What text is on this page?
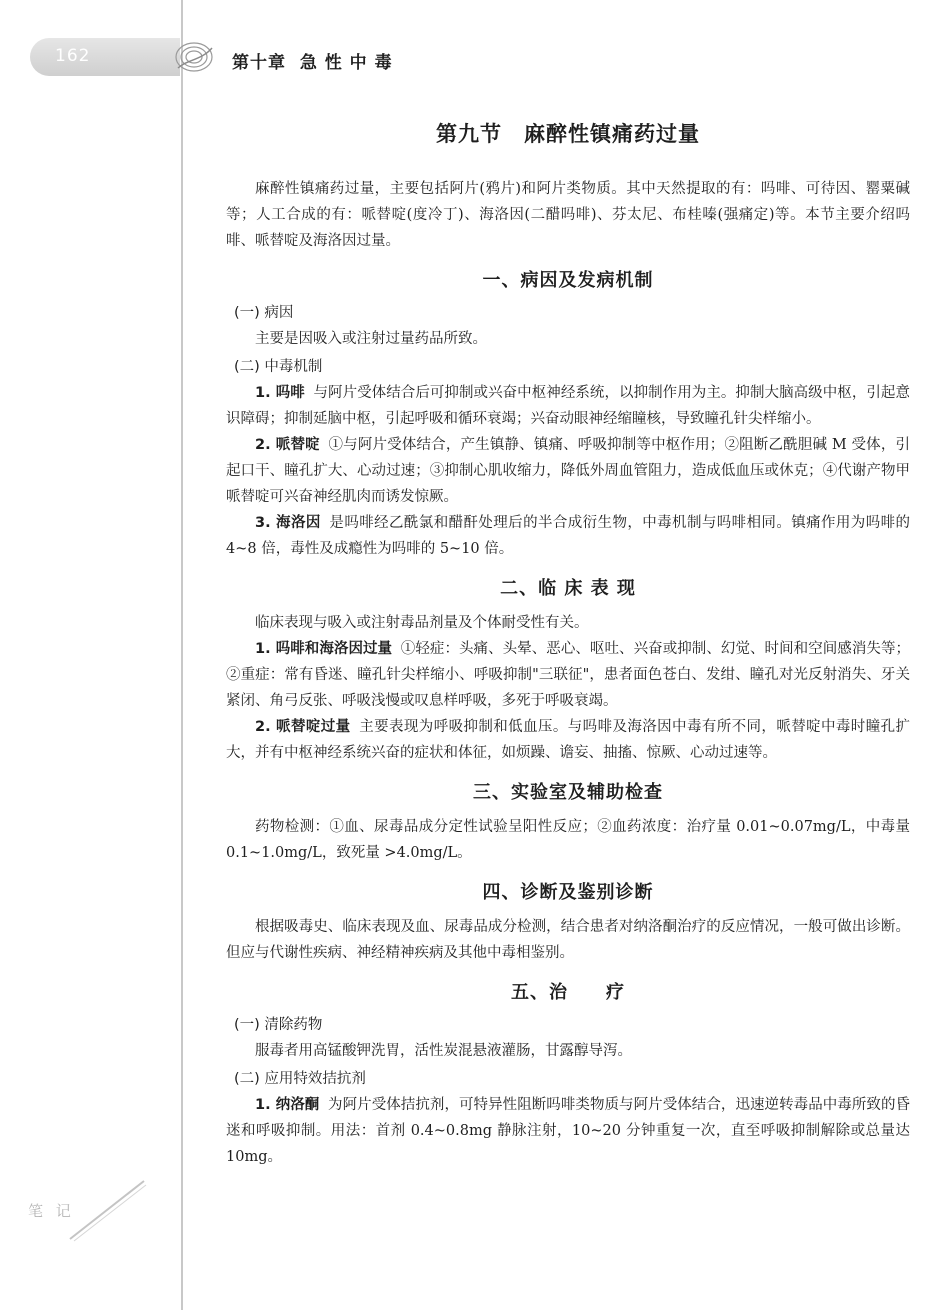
162	第十章  急 性 中 毒
第九节　麻醉性镇痛药过量

麻醉性镇痛药过量，主要包括阿片(鸦片)和阿片类物质。其中天然提取的有：吗啡、可待因、罂粟碱等；人工合成的有：哌替啶(度冷丁)、海洛因(二醋吗啡)、芬太尼、布桂嗪(强痛定)等。本节主要介绍吗啡、哌替啶及海洛因过量。

一、病因及发病机制
(一) 病因

主要是因吸入或注射过量药品所致。

(二) 中毒机制

1. 吗啡 与阿片受体结合后可抑制或兴奋中枢神经系统，以抑制作用为主。抑制大脑高级中枢，引起意识障碍；抑制延脑中枢，引起呼吸和循环衰竭；兴奋动眼神经缩瞳核，导致瞳孔针尖样缩小。

2. 哌替啶 ①与阿片受体结合，产生镇静、镇痛、呼吸抑制等中枢作用；②阻断乙酰胆碱 M 受体，引起口干、瞳孔扩大、心动过速；③抑制心肌收缩力，降低外周血管阻力，造成低血压或休克；④代谢产物甲哌替啶可兴奋神经肌肉而诱发惊厥。

3. 海洛因 是吗啡经乙酰氯和醋酐处理后的半合成衍生物，中毒机制与吗啡相同。镇痛作用为吗啡的 4~8 倍，毒性及成瘾性为吗啡的 5~10 倍。

二、临 床 表 现

临床表现与吸入或注射毒品剂量及个体耐受性有关。

1. 吗啡和海洛因过量 ①轻症：头痛、头晕、恶心、呕吐、兴奋或抑制、幻觉、时间和空间感消失等；②重症：常有昏迷、瞳孔针尖样缩小、呼吸抑制"三联征"，患者面色苍白、发绀、瞳孔对光反射消失、牙关紧闭、角弓反张、呼吸浅慢或叹息样呼吸，多死于呼吸衰竭。

2. 哌替啶过量 主要表现为呼吸抑制和低血压。与吗啡及海洛因中毒有所不同，哌替啶中毒时瞳孔扩大，并有中枢神经系统兴奋的症状和体征，如烦躁、谵妄、抽搐、惊厥、心动过速等。

三、实验室及辅助检查

药物检测：①血、尿毒品成分定性试验呈阳性反应；②血药浓度：治疗量 0.01~0.07mg/L，中毒量 0.1~1.0mg/L，致死量 >4.0mg/L。

四、诊断及鉴别诊断

根据吸毒史、临床表现及血、尿毒品成分检测，结合患者对纳洛酮治疗的反应情况，一般可做出诊断。但应与代谢性疾病、神经精神疾病及其他中毒相鉴别。

五、治　　疗
(一) 清除药物

服毒者用高锰酸钾洗胃，活性炭混悬液灌肠，甘露醇导泻。

(二) 应用特效拮抗剂

1. 纳洛酮 为阿片受体拮抗剂，可特异性阻断吗啡类物质与阿片受体结合，迅速逆转毒品中毒所致的昏迷和呼吸抑制。用法：首剂 0.4~0.8mg 静脉注射，10~20 分钟重复一次，直至呼吸抑制解除或总量达 10mg。

笔 记
